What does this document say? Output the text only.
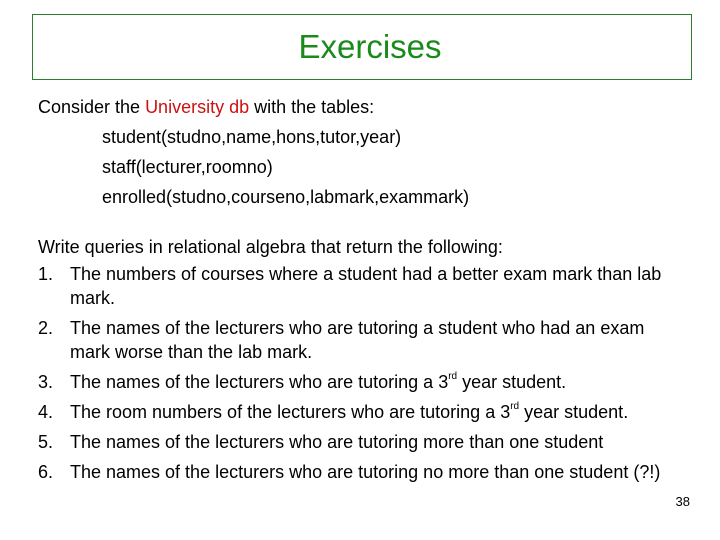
Exercises

Consider the University db with the tables:

student(studno,name,hons,tutor,year)
staff(lecturer,roomno)
enrolled(studno,courseno,labmark,exammark)

Write queries in relational algebra that return the following:

1. The numbers of courses where a student had a better exam mark than lab mark.
2. The names of the lecturers who are tutoring a student who had an exam mark worse than the lab mark.
3. The names of the lecturers who are tutoring a 3rd year student.
4. The room numbers of the lecturers who are tutoring a 3rd year student.
5. The names of the lecturers who are tutoring more than one student
6. The names of the lecturers who are tutoring no more than one student (?!)
38
